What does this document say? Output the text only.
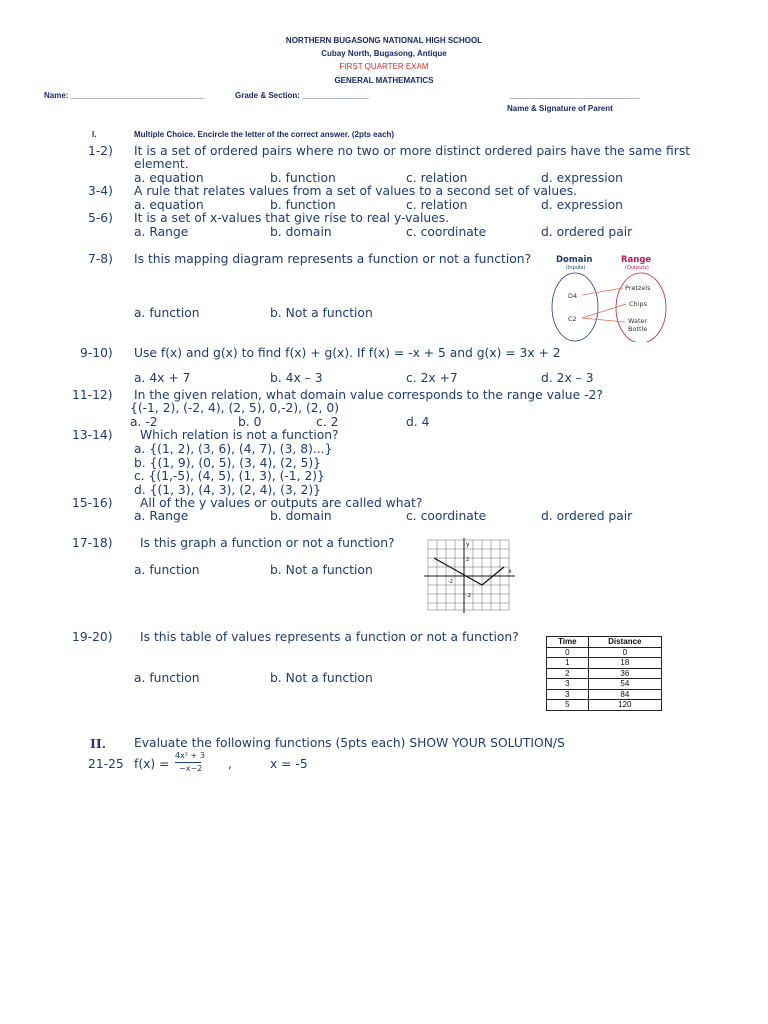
NORTHERN BUGASONG NATIONAL HIGH SCHOOL
Cubay North, Bugasong, Antique
FIRST QUARTER EXAM
GENERAL MATHEMATICS
Name: ______________________________	Grade & Section: _______________	_____________________________
Name & Signature of Parent
I.	Multiple Choice. Encircle the letter of the correct answer. (2pts each)
1-2) It is a set of ordered pairs where no two or more distinct ordered pairs have the same first
element.
a. equation	b. function	c. relation	d. expression
3-4) A rule that relates values from a set of values to a second set of values.
a. equation	b. function	c. relation	d. expression
5-6) It is a set of x-values that give rise to real y-values.
a. Range	b. domain	c. coordinate	d. ordered pair
7-8) Is this mapping diagram represents a function or not a function?
a. function	b. Not a function
Domain
(Inputs)
Range
(Outputs)
D4
C2
Pretzels
Chips
Water
Bottle
9-10) Use f(x) and g(x) to find f(x) + g(x). If f(x) = -x + 5 and g(x) = 3x + 2
a. 4x + 7	b. 4x – 3	c. 2x +7	d. 2x – 3
11-12) In the given relation, what domain value corresponds to the range value -2?
{(-1, 2), (-2, 4), (2, 5), 0,-2), (2, 0)
a. -2	b. 0	c. 2	d. 4
13-14) Which relation is not a function?
a. {(1, 2), (3, 6), (4, 7), (3, 8)...}
b. {(1, 9), (0, 5), (3, 4), (2, 5)}
c. {(1,-5), (4, 5), (1, 3), (-1, 2)}
d. {(1, 3), (4, 3), (2, 4), (3, 2)}
15-16) All of the y values or outputs are called what?
a. Range	b. domain	c. coordinate	d. ordered pair
17-18) Is this graph a function or not a function?
a. function	b. Not a function	x
y
2
-2
-2
19-20) Is this table of values represents a function or not a function?
a. function	b. Not a function
Time	Distance
0	0
1	18
2	36
3	54
3	84
5	120
II. Evaluate the following functions (5pts each) SHOW YOUR SOLUTION/S
21-25 f(x) =
4x² + 3
−x−2 ,	x = -5
